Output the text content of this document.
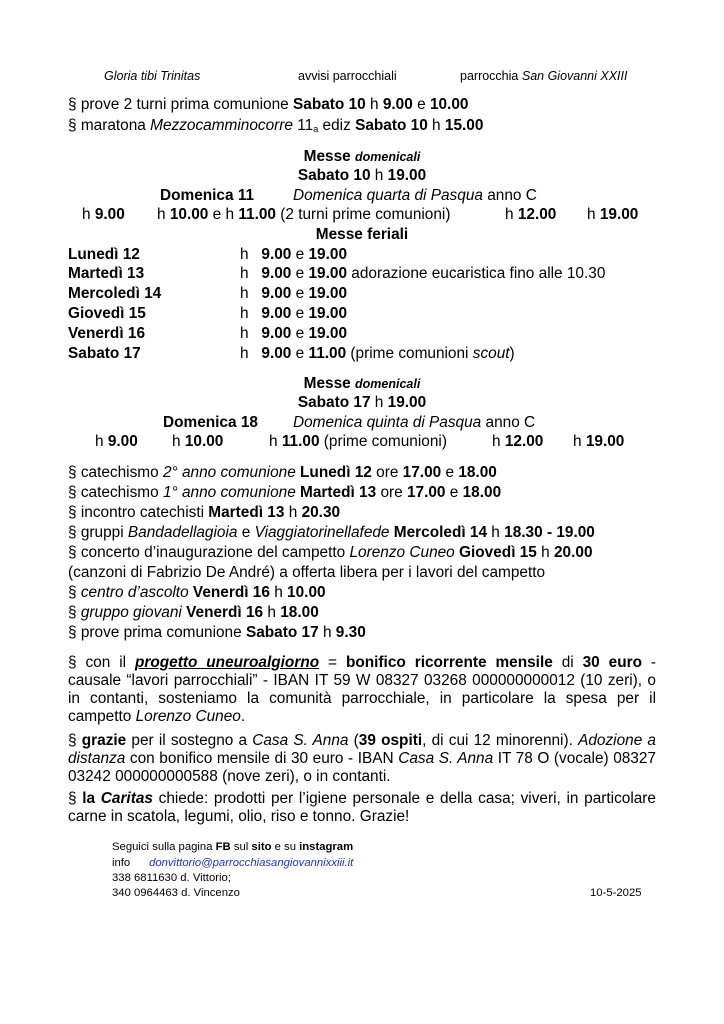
Gloria tibi Trinitas	avvisi parrocchiali	parrocchia San Giovanni XXIII
§ prove 2 turni prima comunione Sabato 10 h 9.00 e 10.00
§ maratona Mezzocamminocorre $11_a$ ediz Sabato 10 h 15.00
Messe domenicali
Sabato 10 h 19.00
Domenica 11	Domenica quarta di Pasqua anno C
h 9.00 h 10.00 e h 11.00 (2 turni prime comunioni)	h 12.00 h 19.00
Messe feriali
Lunedì 12	h 9.00 e 19.00
Martedì 13	h 9.00 e 19.00 adorazione eucaristica fino alle 10.30
Mercoledì 14	h 9.00 e 19.00
Giovedì 15	h 9.00 e 19.00
Venerdì 16	h 9.00 e 19.00
Sabato 17	h 9.00 e 11.00 (prime comunioni scout)
Messe domenicali
Sabato 17 h 19.00
Domenica 18 Domenica quinta di Pasqua anno C
h 9.00 h 10.00	h 11.00 (prime comunioni)	h 12.00 h 19.00
§ catechismo 2° anno comunione Lunedì 12 ore 17.00 e 18.00
§ catechismo 1° anno comunione Martedì 13 ore 17.00 e 18.00
§ incontro catechisti Martedì 13 h 20.30
§ gruppi Bandadellagioia e Viaggiatorinellafede Mercoledì 14 h 18.30 - 19.00
§ concerto d’inaugurazione del campetto Lorenzo Cuneo Giovedì 15 h 20.00
(canzoni di Fabrizio De André) a offerta libera per i lavori del campetto
§ centro d’ascolto Venerdì 16 h 10.00
§ gruppo giovani Venerdì 16 h 18.00
§ prove prima comunione Sabato 17 h 9.30
§ con il progetto uneuroalgiorno = bonifico ricorrente mensile di 30 euro - causale “lavori parrocchiali” - IBAN IT 59 W 08327 03268 000000000012 (10 zeri), o in contanti, sosteniamo la comunità parrocchiale, in particolare la spesa per il campetto Lorenzo Cuneo.
§ grazie per il sostegno a Casa S. Anna (39 ospiti, di cui 12 minorenni). Adozione a distanza con bonifico mensile di 30 euro - IBAN Casa S. Anna IT 78 O (vocale) 08327 03242 000000000588 (nove zeri), o in contanti.
§ la Caritas chiede: prodotti per l’igiene personale e della casa; viveri, in particolare carne in scatola, legumi, olio, riso e tonno. Grazie!
Seguici sulla pagina FB sul sito e su instagram
info donvittorio@parrocchiasangiovannixxiii.it
338 6811630 d. Vittorio;
340 0964463 d. Vincenzo	10-5-2025
